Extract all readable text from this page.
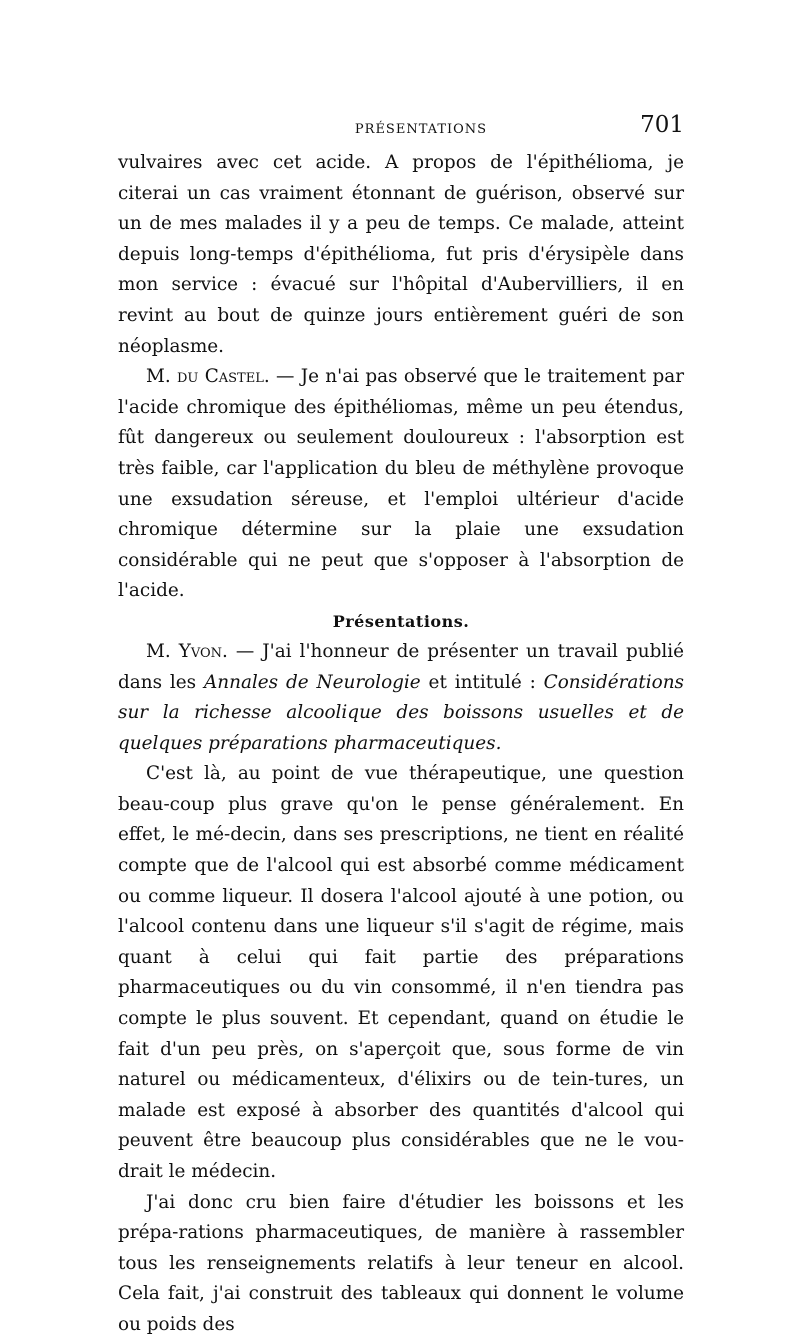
PRÉSENTATIONS	701

vulvaires avec cet acide. A propos de l'épithélioma, je citerai un cas vraiment étonnant de guérison, observé sur un de mes malades il y a peu de temps. Ce malade, atteint depuis long-temps d'épithélioma, fut pris d'érysipèle dans mon service : évacué sur l'hôpital d'Aubervilliers, il en revint au bout de quinze jours entièrement guéri de son néoplasme.

M. du Castel. — Je n'ai pas observé que le traitement par l'acide chromique des épithéliomas, même un peu étendus, fût dangereux ou seulement douloureux : l'absorption est très faible, car l'application du bleu de méthylène provoque une exsudation séreuse, et l'emploi ultérieur d'acide chromique détermine sur la plaie une exsudation considérable qui ne peut que s'opposer à l'absorption de l'acide.

Présentations.

M. Yvon. — J'ai l'honneur de présenter un travail publié dans les Annales de Neurologie et intitulé : Considérations sur la richesse alcoolique des boissons usuelles et de quelques préparations pharmaceutiques.

C'est là, au point de vue thérapeutique, une question beau-coup plus grave qu'on le pense généralement. En effet, le mé-decin, dans ses prescriptions, ne tient en réalité compte que de l'alcool qui est absorbé comme médicament ou comme liqueur. Il dosera l'alcool ajouté à une potion, ou l'alcool contenu dans une liqueur s'il s'agit de régime, mais quant à celui qui fait partie des préparations pharmaceutiques ou du vin consommé, il n'en tiendra pas compte le plus souvent. Et cependant, quand on étudie le fait d'un peu près, on s'aperçoit que, sous forme de vin naturel ou médicamenteux, d'élixirs ou de tein-tures, un malade est exposé à absorber des quantités d'alcool qui peuvent être beaucoup plus considérables que ne le vou-drait le médecin.

J'ai donc cru bien faire d'étudier les boissons et les prépa-rations pharmaceutiques, de manière à rassembler tous les renseignements relatifs à leur teneur en alcool. Cela fait, j'ai construit des tableaux qui donnent le volume ou poids des
